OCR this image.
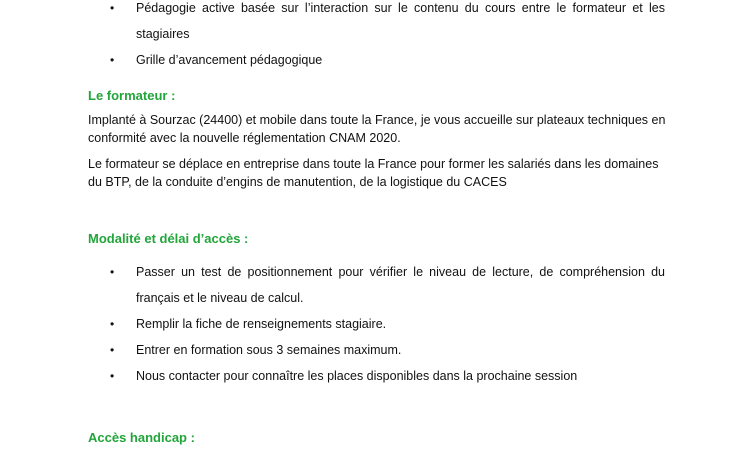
• Pédagogie active basée sur l’interaction sur le contenu du cours entre le formateur et les stagiaires
• Grille d’avancement pédagogique
Le formateur :

Implanté à Sourzac (24400) et mobile dans toute la France, je vous accueille sur plateaux techniques en conformité avec la nouvelle réglementation CNAM 2020.

Le formateur se déplace en entreprise dans toute la France pour former les salariés dans les domaines du BTP, de la conduite d’engins de manutention, de la logistique du CACES

Modalité et délai d’accès :
• Passer un test de positionnement pour vérifier le niveau de lecture, de compréhension du français et le niveau de calcul.
• Remplir la fiche de renseignements stagiaire.
• Entrer en formation sous 3 semaines maximum.
• Nous contacter pour connaître les places disponibles dans la prochaine session
Accès handicap :
